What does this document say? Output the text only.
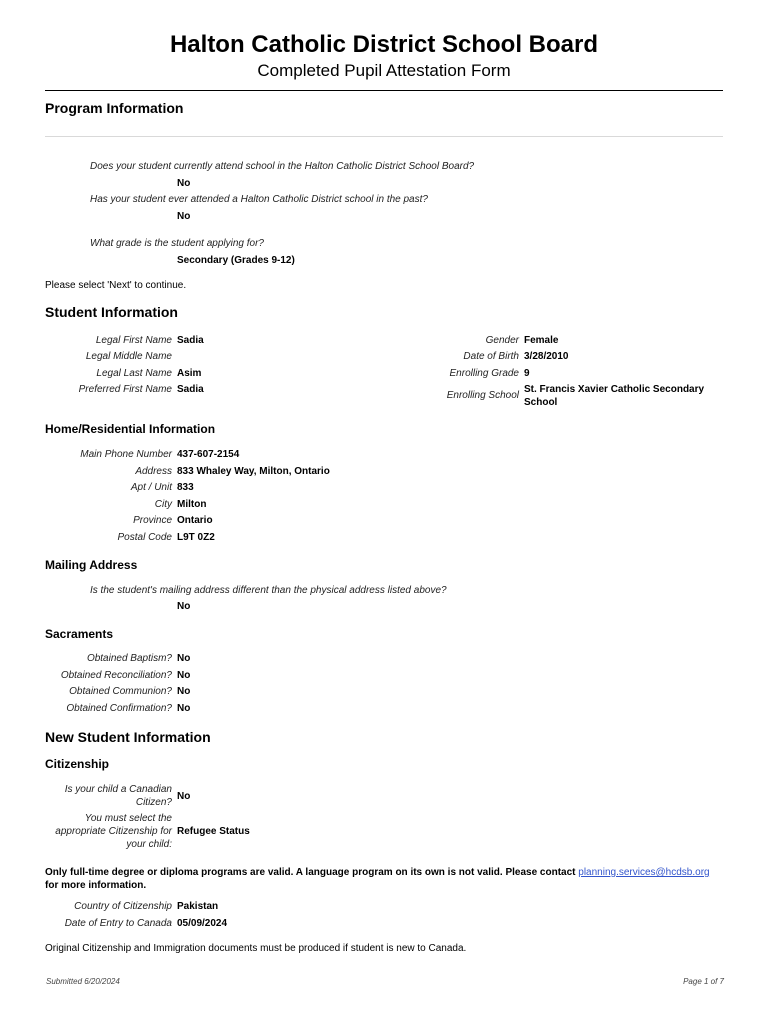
Halton Catholic District School Board
Completed Pupil Attestation Form
Program Information
Does your student currently attend school in the Halton Catholic District School Board?
No
Has your student ever attended a Halton Catholic District school in the past?
No
What grade is the student applying for?
Secondary (Grades 9-12)
Please select 'Next' to continue.
Student Information
Legal First Name Sadia
Legal Middle Name
Legal Last Name Asim
Preferred First Name Sadia
Gender Female
Date of Birth 3/28/2010
Enrolling Grade 9
Enrolling School
St. Francis Xavier Catholic Secondary
School
Home/Residential Information
Main Phone Number 437-607-2154
Address 833 Whaley Way, Milton, Ontario
Apt / Unit 833
City Milton
Province Ontario
Postal Code L9T 0Z2
Mailing Address
Is the student's mailing address different than the physical address listed above?
No
Sacraments
Obtained Baptism? No
Obtained Reconciliation? No
Obtained Communion? No
Obtained Confirmation? No
New Student Information
Citizenship
Is your child a Canadian
Citizen?
No
You must select the
appropriate Citizenship for
your child:
Refugee Status
Only full-time degree or diploma programs are valid. A language program on its own is not valid. Please contact planning.services@hcdsb.org
for more information.
Country of Citizenship Pakistan
Date of Entry to Canada 05/09/2024
Original Citizenship and Immigration documents must be produced if student is new to Canada.
Submitted 6/20/2024	Page 1 of 7
